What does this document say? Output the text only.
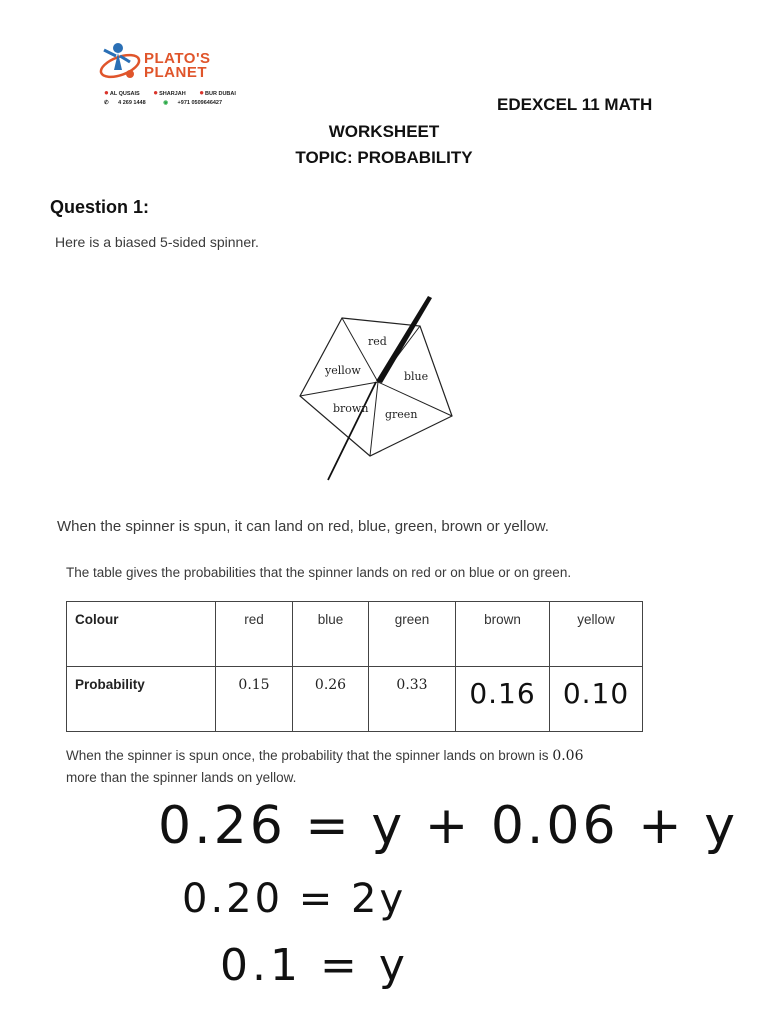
PLATO'S
PLANET
●AL QUSAIS ●SHARJAH ●BUR DUBAI
✆ 4 269 1448	◉ +971 0509646427	EDEXCEL 11 MATH
WORKSHEET
TOPIC: PROBABILITY
Question 1:
Here is a biased 5-sided spinner.
red
blue
green
brown
yellow
When the spinner is spun, it can land on red, blue, green, brown or yellow.
The table gives the probabilities that the spinner lands on red or on blue or on green.
Colour	red	blue	green	brown	yellow
Probability	0.15	0.26	0.33	0.16	0.10
When the spinner is spun once, the probability that the spinner lands on brown is 0.06
more than the spinner lands on yellow.
0.26 = y + 0.06 + y
0.20 = 2y
0.1 = y
